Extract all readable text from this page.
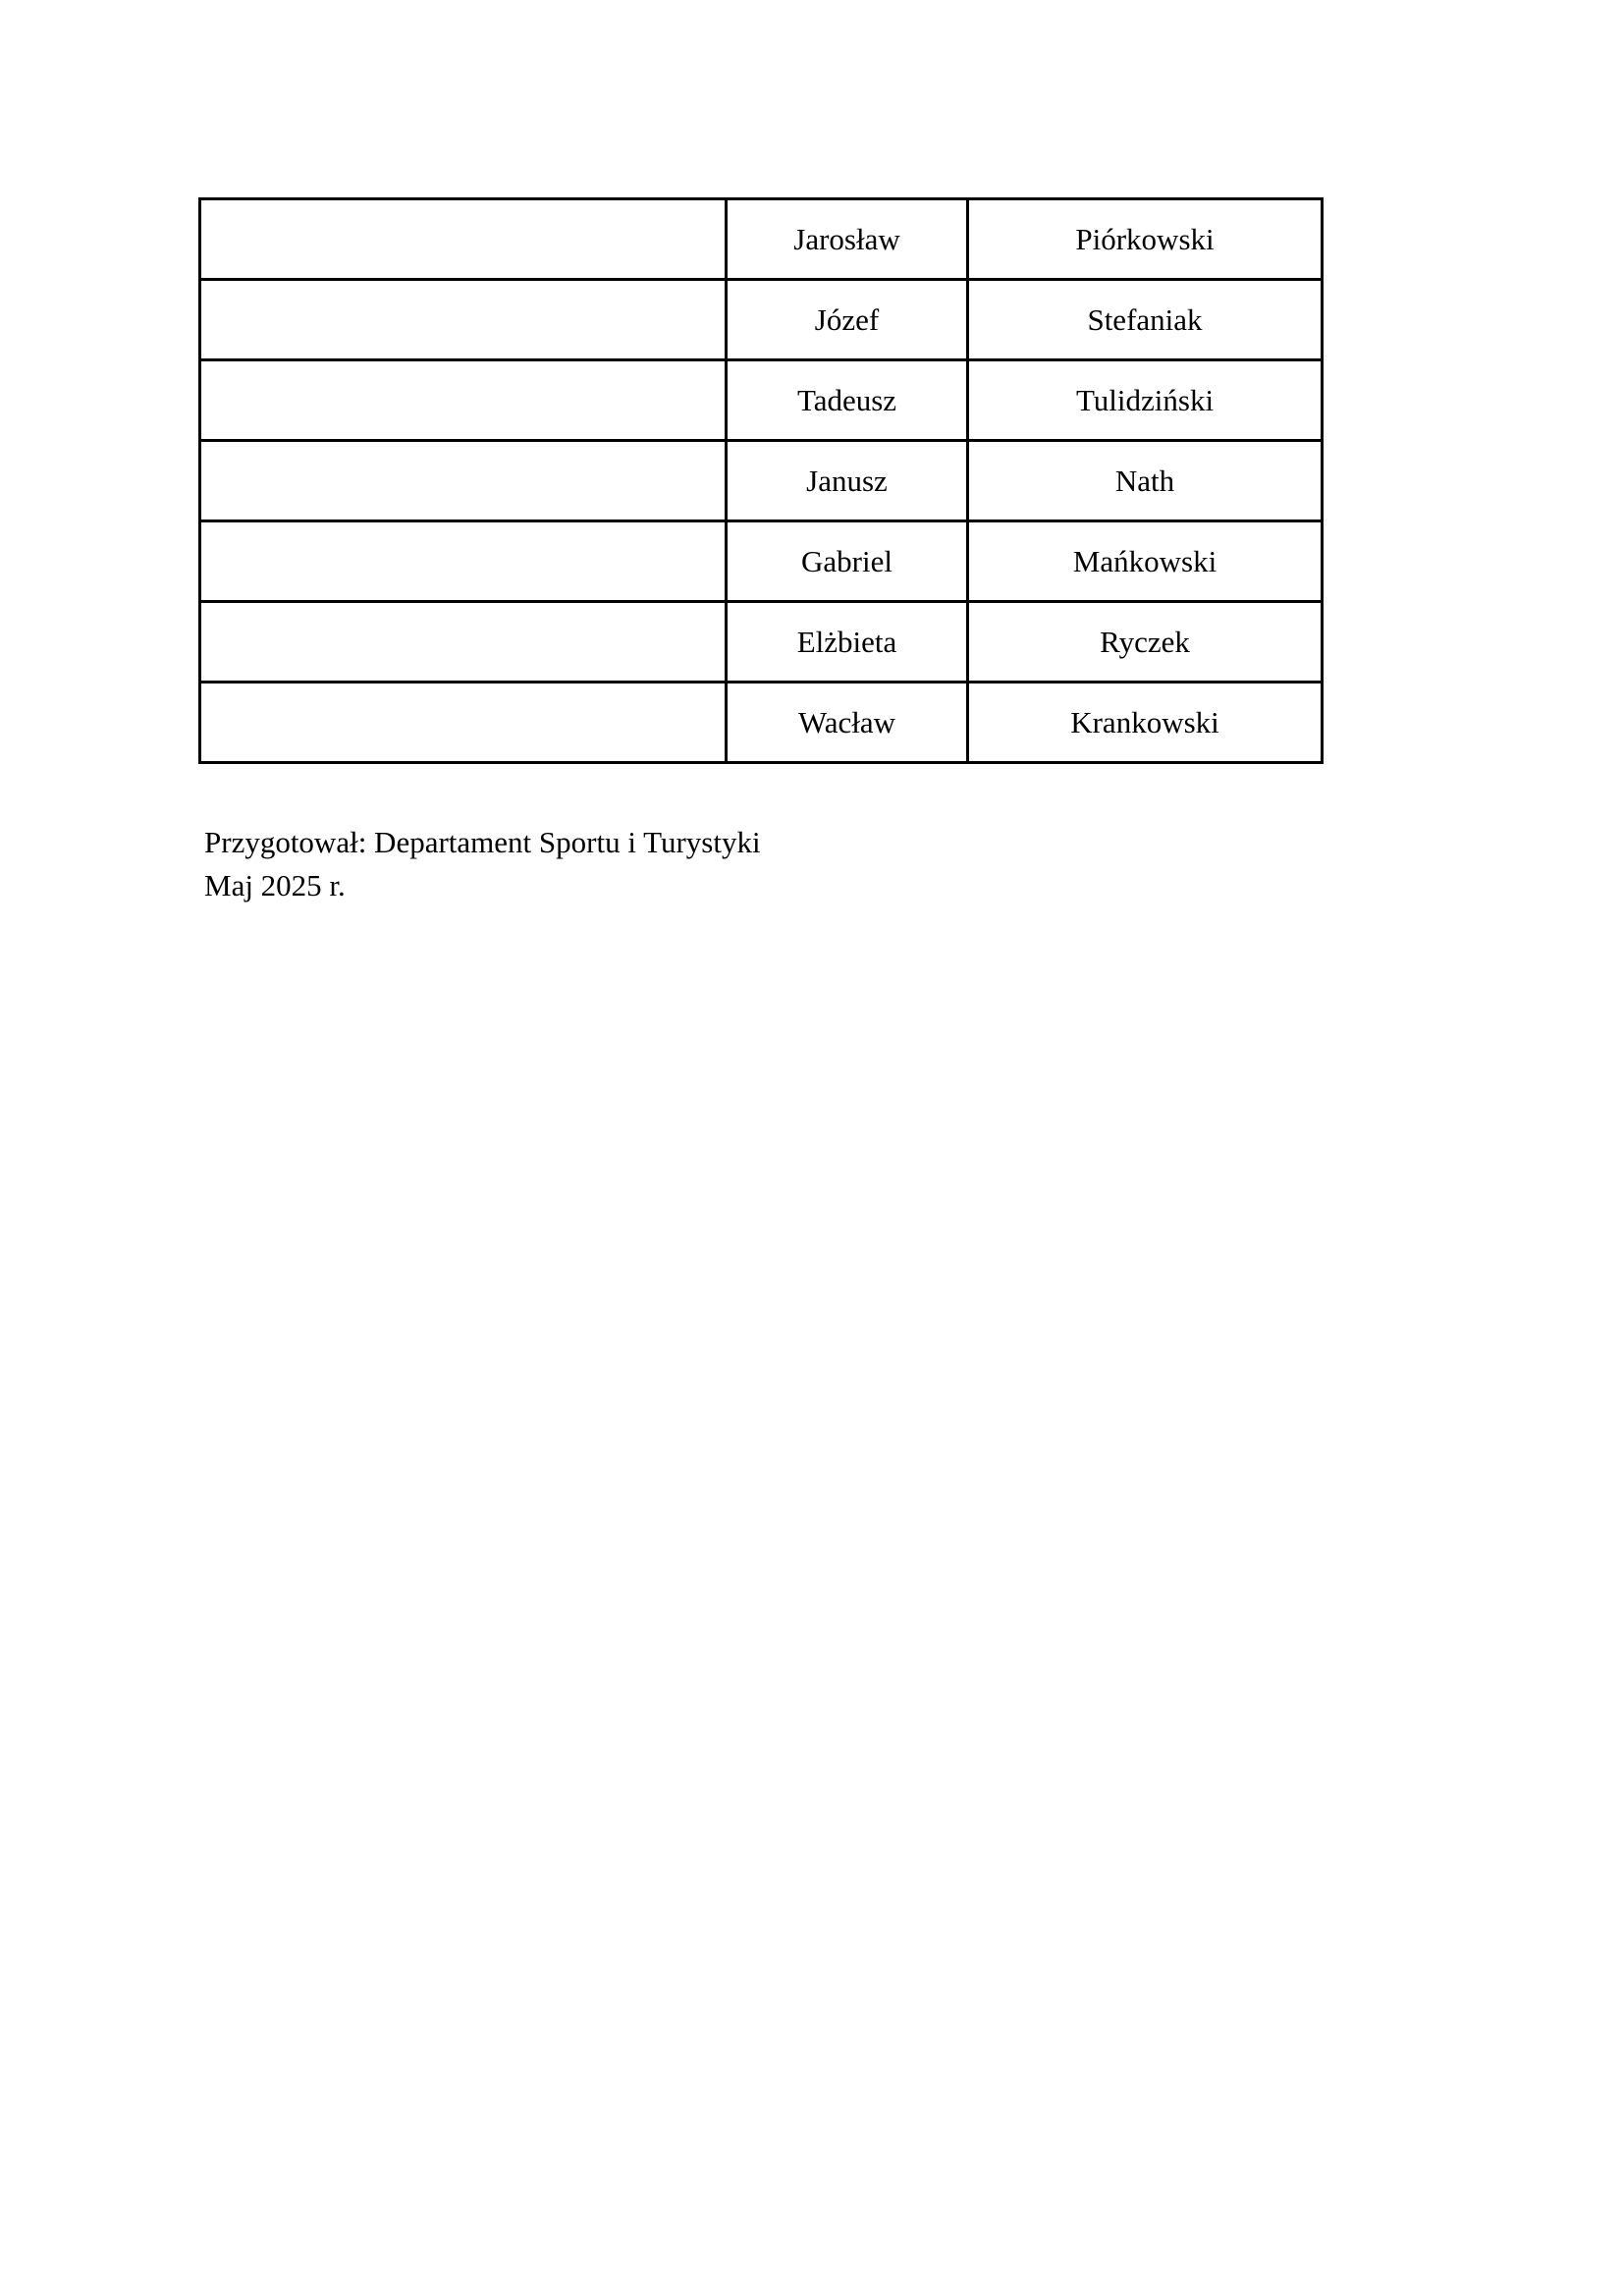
	Jarosław	Piórkowski
	Józef	Stefaniak
	Tadeusz	Tulidziński
	Janusz	Nath
	Gabriel	Mańkowski
	Elżbieta	Ryczek
	Wacław	Krankowski
Przygotował: Departament Sportu i Turystyki
Maj 2025 r.
